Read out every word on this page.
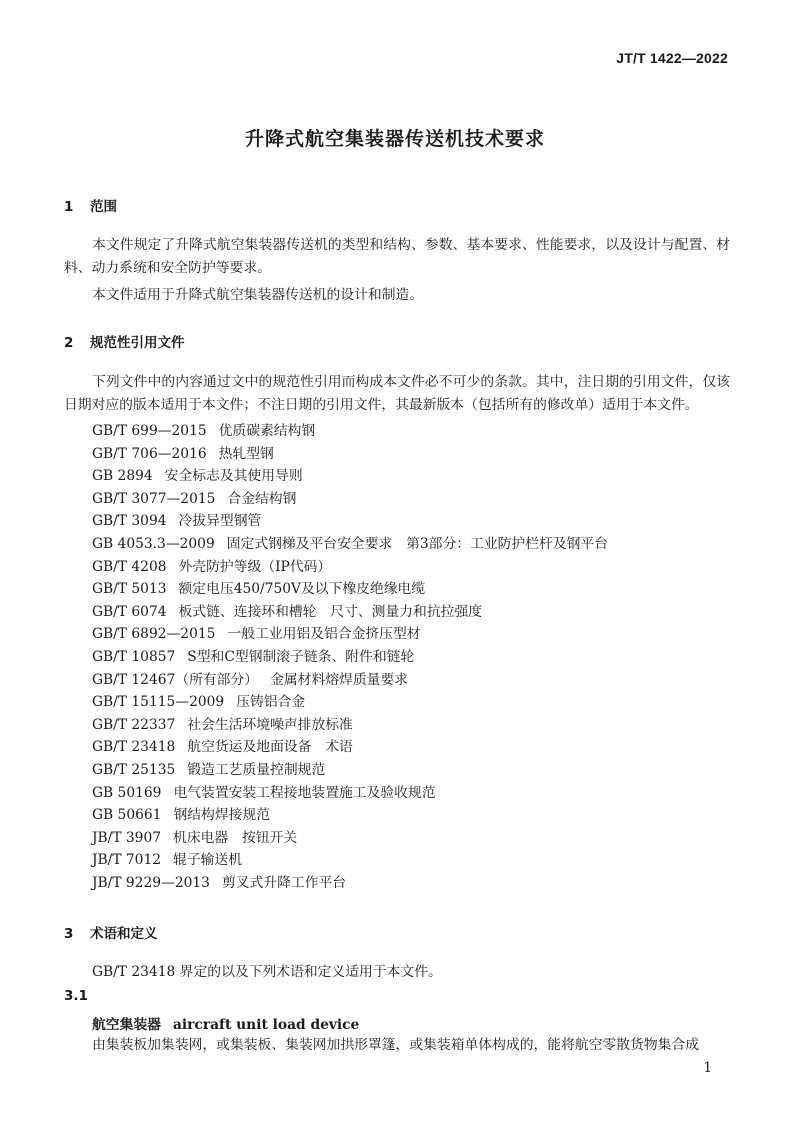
JT/T 1422—2022
升降式航空集装器传送机技术要求
1 范围
本文件规定了升降式航空集装器传送机的类型和结构、参数、基本要求、性能要求，以及设计与配置、材料、动力系统和安全防护等要求。
本文件适用于升降式航空集装器传送机的设计和制造。
2 规范性引用文件
下列文件中的内容通过文中的规范性引用而构成本文件必不可少的条款。其中，注日期的引用文件，仅该日期对应的版本适用于本文件；不注日期的引用文件，其最新版本（包括所有的修改单）适用于本文件。
GB/T 699—2015 优质碳素结构钢
GB/T 706—2016 热轧型钢
GB 2894 安全标志及其使用导则
GB/T 3077—2015 合金结构钢
GB/T 3094 冷拔异型钢管
GB 4053.3—2009 固定式钢梯及平台安全要求　第3部分：工业防护栏杆及钢平台
GB/T 4208 外壳防护等级（IP代码）
GB/T 5013 额定电压450/750V及以下橡皮绝缘电缆
GB/T 6074 板式链、连接环和槽轮　尺寸、测量力和抗拉强度
GB/T 6892—2015 一般工业用铝及铝合金挤压型材
GB/T 10857 S型和C型钢制滚子链条、附件和链轮
GB/T 12467（所有部分） 金属材料熔焊质量要求
GB/T 15115—2009 压铸铝合金
GB/T 22337 社会生活环境噪声排放标准
GB/T 23418 航空货运及地面设备　术语
GB/T 25135 锻造工艺质量控制规范
GB 50169 电气装置安装工程接地装置施工及验收规范
GB 50661 钢结构焊接规范
JB/T 3907 机床电器　按钮开关
JB/T 7012 辊子输送机
JB/T 9229—2013 剪叉式升降工作平台
3 术语和定义
GB/T 23418 界定的以及下列术语和定义适用于本文件。
3.1
航空集装器 aircraft unit load device
由集装板加集装网，或集装板、集装网加拱形罩篷，或集装箱单体构成的，能将航空零散货物集合成
1
